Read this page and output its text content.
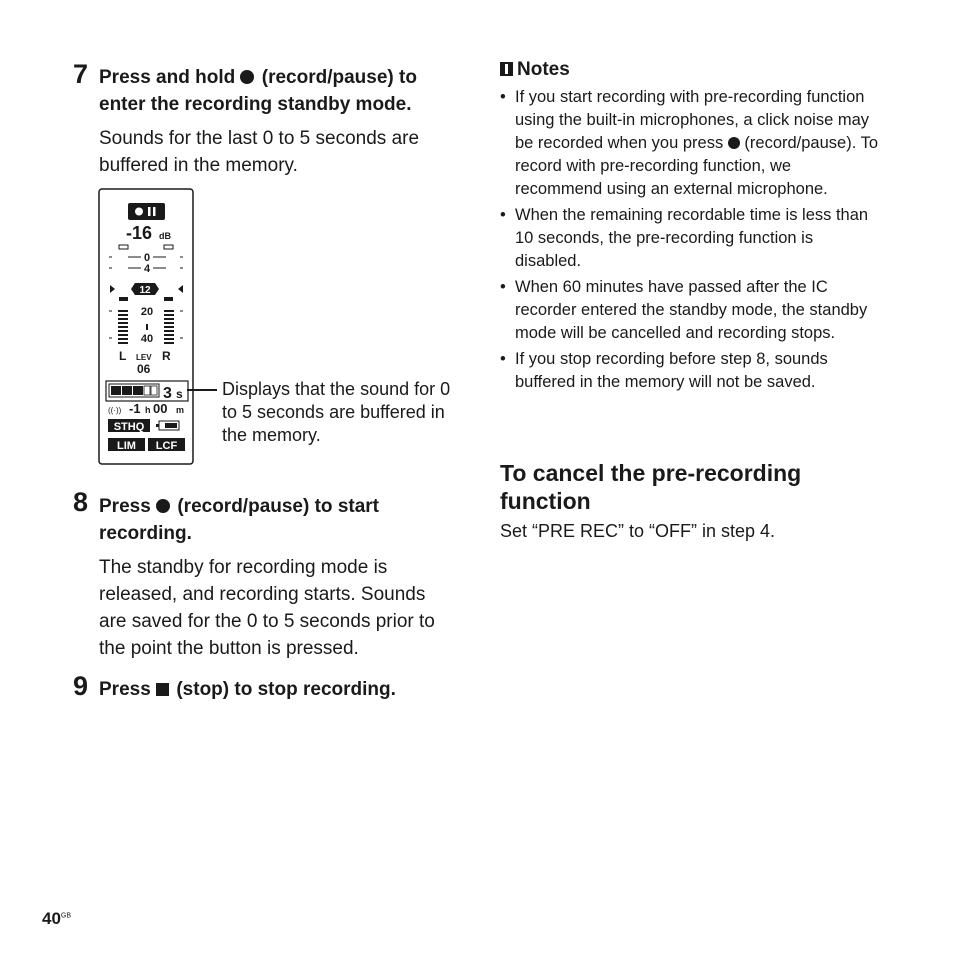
7 Press and hold (record/pause) to enter the recording standby mode.
Sounds for the last 0 to 5 seconds are buffered in the memory.
-16 dB
0
4
12
20
40
L LEV R
06
3 s
((·)) -1 h 00 m
STHQ
LIM LCF
Displays that the sound for 0 to 5 seconds are buffered in the memory.
8 Press (record/pause) to start recording.
The standby for recording mode is released, and recording starts. Sounds are saved for the 0 to 5 seconds prior to the point the button is pressed.
9 Press (stop) to stop recording.
Notes
• If you start recording with pre-recording function using the built-in microphones, a click noise may be recorded when you press (record/pause). To record with pre-recording function, we recommend using an external microphone.
• When the remaining recordable time is less than 10 seconds, the pre-recording function is disabled.
• When 60 minutes have passed after the IC recorder entered the standby mode, the standby mode will be cancelled and recording stops.
• If you stop recording before step 8, sounds buffered in the memory will not be saved.
To cancel the pre-recording function
Set “PRE REC” to “OFF” in step 4.
$40^{GB}$
